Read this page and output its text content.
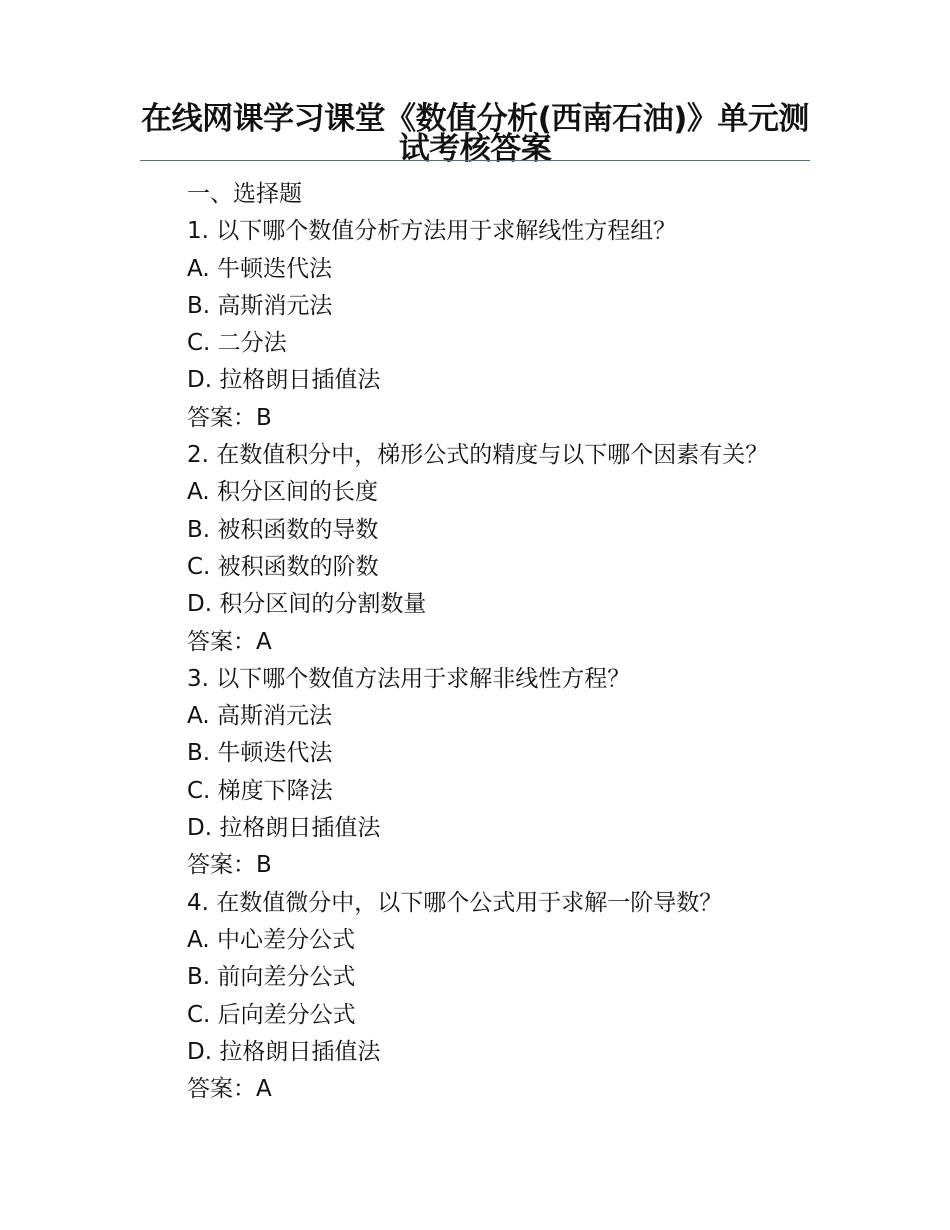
在线网课学习课堂《数值分析(西南石油)》单元测试考核答案
一、选择题
1. 以下哪个数值分析方法用于求解线性方程组？
A. 牛顿迭代法
B. 高斯消元法
C. 二分法
D. 拉格朗日插值法
答案：B
2. 在数值积分中，梯形公式的精度与以下哪个因素有关？
A. 积分区间的长度
B. 被积函数的导数
C. 被积函数的阶数
D. 积分区间的分割数量
答案：A
3. 以下哪个数值方法用于求解非线性方程？
A. 高斯消元法
B. 牛顿迭代法
C. 梯度下降法
D. 拉格朗日插值法
答案：B
4. 在数值微分中，以下哪个公式用于求解一阶导数？
A. 中心差分公式
B. 前向差分公式
C. 后向差分公式
D. 拉格朗日插值法
答案：A
